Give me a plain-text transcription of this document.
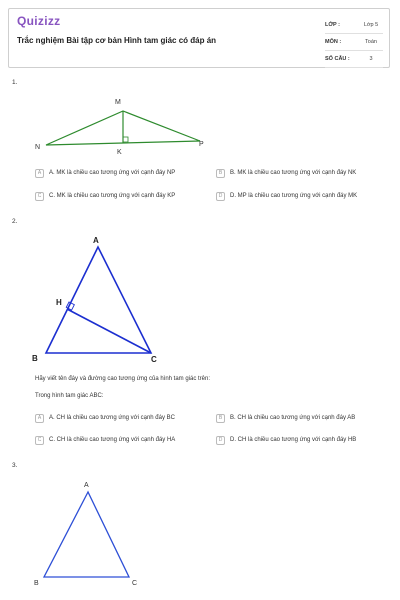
Quizizz
Trắc nghiệm Bài tập cơ bản Hình tam giác có đáp án
LỚP :	Lớp 5
MÔN :	Toán
SỐ CÂU :	3
1.
M
N	P
K
A	A. MK là chiều cao tương ứng với cạnh đáy NP	B	B. MK là chiều cao tương ứng với cạnh đáy NK
C	C. MK là chiều cao tương ứng với cạnh đáy KP	D	D. MP là chiều cao tương ứng với cạnh đáy MK
2.
A
H
B	C
Hãy viết tên đáy và đường cao tương ứng của hình tam giác trên:
Trong hình tam giác ABC:
A	A. CH là chiều cao tương ứng với cạnh đáy BC	B	B. CH là chiều cao tương ứng với cạnh đáy AB
C	C. CH là chiều cao tương ứng với cạnh đáy HA	D	D. CH là chiều cao tương ứng với cạnh đáy HB
3.
A
B	C
